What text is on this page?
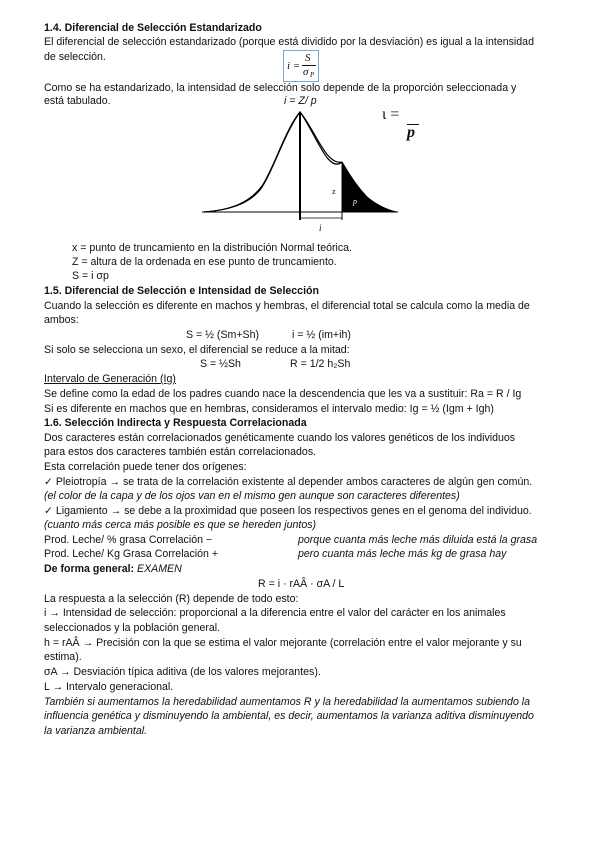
1.4. Diferencial de Selección Estandarizado
El diferencial de selección estandarizado (porque está dividido por la desviación) es igual a la intensidad
de selección.
i =
S
σ P
Como se ha estandarizado, la intensidad de selección solo depende de la proporción seleccionada y
está tabulado.	i = Z/ p
ι =
p
z
p
i
x = punto de truncamiento en la distribución Normal teórica.
Z = altura de la ordenada en ese punto de truncamiento.
S = i σp
1.5. Diferencial de Selección e Intensidad de Selección
Cuando la selección es diferente en machos y hembras, el diferencial total se calcula como la media de
ambos:
S = ½ (Sm+Sh)	i = ½ (im+ih)
Si solo se selecciona un sexo, el diferencial se reduce a la mitad:
S = ½Sh	R = 1/2 h₂Sh
Intervalo de Generación (Ig)
Se define como la edad de los padres cuando nace la descendencia que les va a sustituir: Ra = R / Ig
Si es diferente en machos que en hembras, consideramos el intervalo medio: Ig = ½ (Igm + Igh)
1.6. Selección Indirecta y Respuesta Correlacionada
Dos caracteres están correlacionados genéticamente cuando los valores genéticos de los individuos
para estos dos caracteres también están correlacionados.
Esta correlación puede tener dos orígenes:
✓ Pleiotropía → se trata de la correlación existente al depender ambos caracteres de algún gen común.
(el color de la capa y de los ojos van en el mismo gen aunque son caracteres diferentes)
✓ Ligamiento → se debe a la proximidad que poseen los respectivos genes en el genoma del individuo.
(cuanto más cerca más posible es que se hereden juntos)
Prod. Leche/ % grasa Correlación −	porque cuanta más leche más diluida está la grasa
Prod. Leche/ Kg Grasa Correlación +	pero cuanta más leche más kg de grasa hay
De forma general: EXAMEN
R = i · rAÂ · σA / L
La respuesta a la selección (R) depende de todo esto:
i → Intensidad de selección: proporcional a la diferencia entre el valor del carácter en los animales
seleccionados y la población general.
h = rAÂ → Precisión con la que se estima el valor mejorante (correlación entre el valor mejorante y su
estima).
σA → Desviación típica aditiva (de los valores mejorantes).
L → Intervalo generacional.
También si aumentamos la heredabilidad aumentamos R y la heredabilidad la aumentamos subiendo la
influencia genética y disminuyendo la ambiental, es decir, aumentamos la varianza aditiva disminuyendo
la varianza ambiental.
